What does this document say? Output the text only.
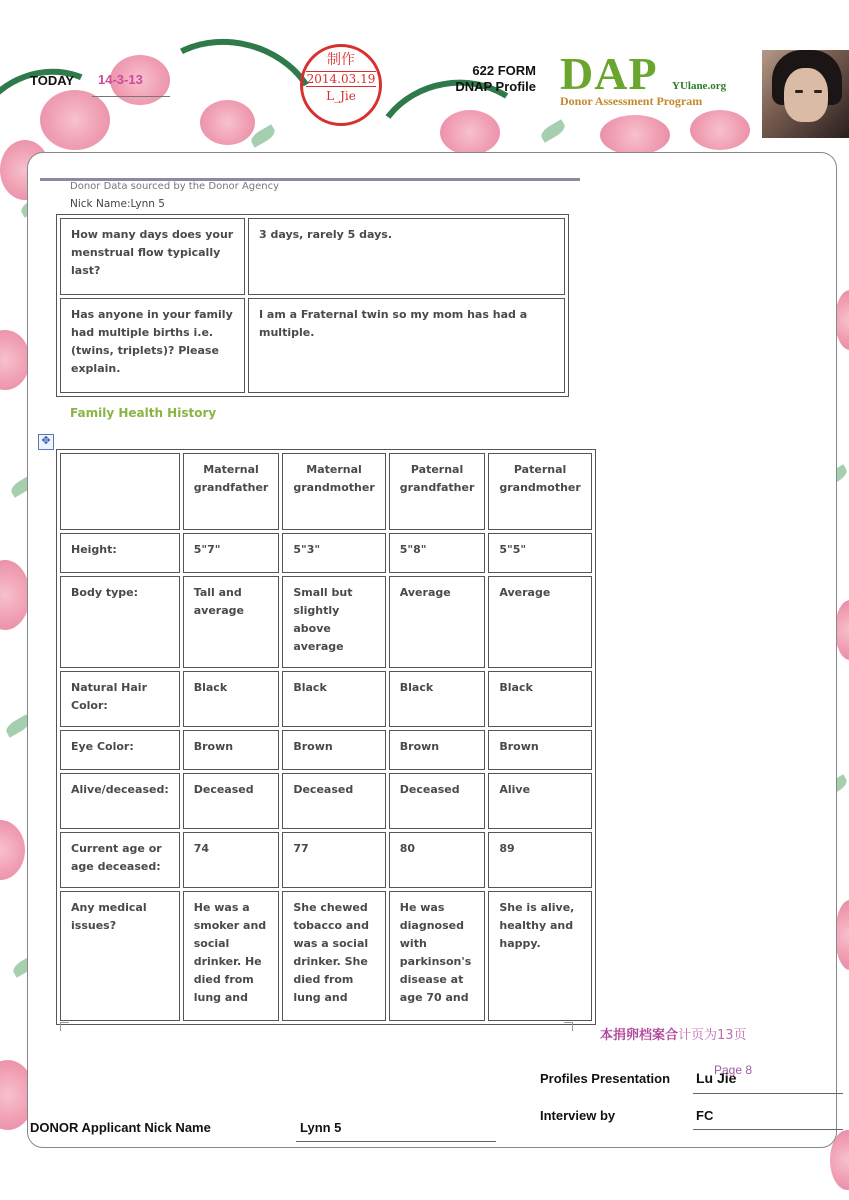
TODAY 14-3-13
制作
2014.03.19
L_Jie
622 FORM
DNAP Profile DAP YUlane.org
Donor Assessment Program
Donor Data sourced by the Donor Agency
Nick Name:Lynn 5
How many days does your menstrual flow typically last?	3 days, rarely 5 days.
Has anyone in your family had multiple births i.e. (twins, triplets)? Please explain.	I am a Fraternal twin so my mom has had a multiple.
Family Health History
✥
	Maternal grandfather	Maternal grandmother	Paternal grandfather	Paternal grandmother
Height:	5"7"	5"3"	5"8"	5"5"
Body type:	Tall and average	Small but slightly above average	Average	Average
Natural Hair Color:	Black	Black	Black	Black
Eye Color:	Brown	Brown	Brown	Brown
Alive/deceased:	Deceased	Deceased	Deceased	Alive
Current age or age deceased:	74	77	80	89
Any medical issues?	He was a smoker and social drinker. He died from lung and	She chewed tobacco and was a social drinker. She died from lung and	He was diagnosed with parkinson's disease at age 70 and	She is alive, healthy and happy.
本捐卵档案合计页为13页
Profiles Presentation Lu Jie
Page 8
Interview by	FC
DONOR Applicant Nick Name	Lynn 5
